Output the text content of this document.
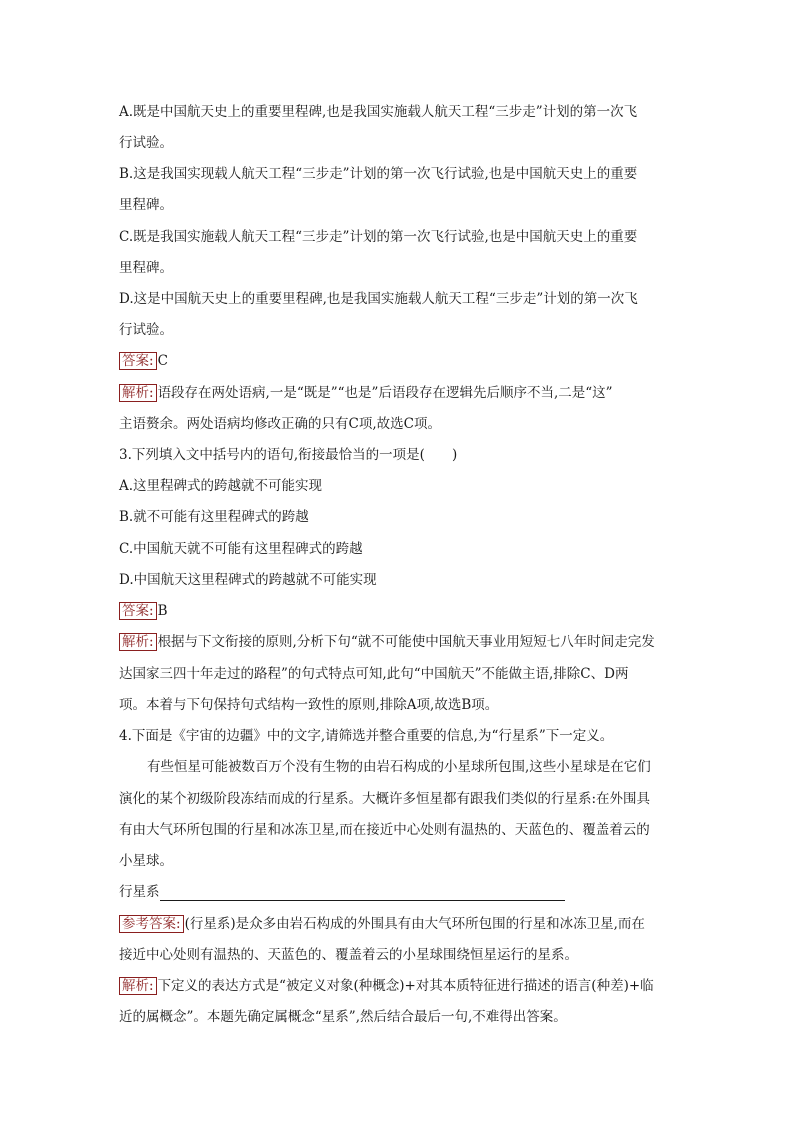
A.既是中国航天史上的重要里程碑,也是我国实施载人航天工程“三步走”计划的第一次飞
行试验。
B.这是我国实现载人航天工程“三步走”计划的第一次飞行试验,也是中国航天史上的重要
里程碑。
C.既是我国实施载人航天工程“三步走”计划的第一次飞行试验,也是中国航天史上的重要
里程碑。
D.这是中国航天史上的重要里程碑,也是我国实施载人航天工程“三步走”计划的第一次飞
行试验。
答案: C
解析: 语段存在两处语病,一是“既是”“也是”后语段存在逻辑先后顺序不当,二是“这”
主语赘余。两处语病均修改正确的只有C项,故选C项。
3.下列填入文中括号内的语句,衔接最恰当的一项是(　　)
A.这里程碑式的跨越就不可能实现
B.就不可能有这里程碑式的跨越
C.中国航天就不可能有这里程碑式的跨越
D.中国航天这里程碑式的跨越就不可能实现
答案: B
解析: 根据与下文衔接的原则,分析下句“就不可能使中国航天事业用短短七八年时间走完发
达国家三四十年走过的路程”的句式特点可知,此句“中国航天”不能做主语,排除C、D两
项。本着与下句保持句式结构一致性的原则,排除A项,故选B项。
4.下面是《宇宙的边疆》中的文字,请筛选并整合重要的信息,为“行星系”下一定义。
有些恒星可能被数百万个没有生物的由岩石构成的小星球所包围,这些小星球是在它们
演化的某个初级阶段冻结而成的行星系。大概许多恒星都有跟我们类似的行星系:在外围具
有由大气环所包围的行星和冰冻卫星,而在接近中心处则有温热的、天蓝色的、覆盖着云的
小星球。
行星系
参考答案: (行星系)是众多由岩石构成的外围具有由大气环所包围的行星和冰冻卫星,而在
接近中心处则有温热的、天蓝色的、覆盖着云的小星球围绕恒星运行的星系。
解析: 下定义的表达方式是“被定义对象(种概念)+对其本质特征进行描述的语言(种差)+临
近的属概念”。本题先确定属概念“星系”,然后结合最后一句,不难得出答案。
